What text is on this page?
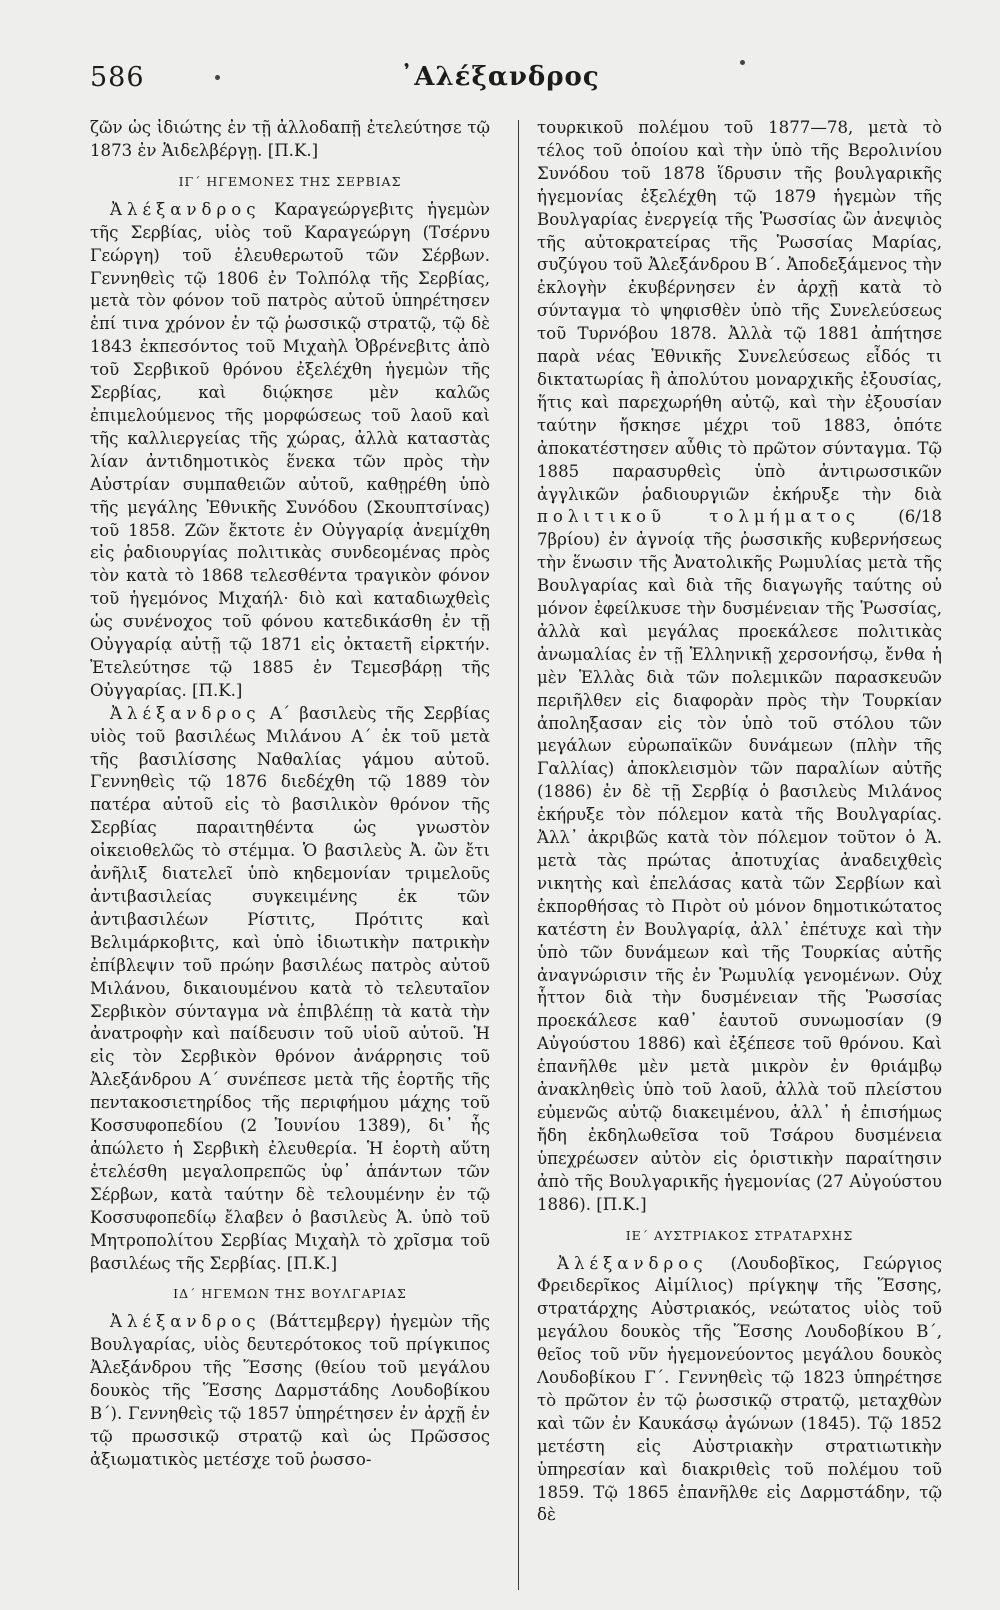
586	᾿Αλέξανδρος

ζῶν ὡς ἰδιώτης ἐν τῇ ἀλλοδαπῇ ἐτελεύτησε τῷ 1873 ἐν Ἁιδελβέργῃ. [Π.Κ.]

ΙΓ΄ ΗΓΕΜΟΝΕΣ ΤΗΣ ΣΕΡΒΙΑΣ

Ἀλέξανδρος Καραγεώργεβιτς ἡγεμὼν τῆς Σερβίας, υἱὸς τοῦ Καραγεώργη (Τσέρνυ Γεώργη) τοῦ ἐλευθερωτοῦ τῶν Σέρβων. Γεννηθεὶς τῷ 1806 ἐν Τολπόλᾳ τῆς Σερβίας, μετὰ τὸν φόνον τοῦ πατρὸς αὐτοῦ ὑπηρέτησεν ἐπί τινα χρόνον ἐν τῷ ῥωσσικῷ στρατῷ, τῷ δὲ 1843 ἐκπεσόντος τοῦ Μιχαὴλ Ὀβρένεβιτς ἀπὸ τοῦ Σερβικοῦ θρόνου ἐξελέχθη ἡγεμὼν τῆς Σερβίας, καὶ διῴκησε μὲν καλῶς ἐπιμελούμενος τῆς μορφώσεως τοῦ λαοῦ καὶ τῆς καλλιεργείας τῆς χώρας, ἀλλὰ καταστὰς λίαν ἀντιδημοτικὸς ἕνεκα τῶν πρὸς τὴν Αὐστρίαν συμπαθειῶν αὐτοῦ, καθῃρέθη ὑπὸ τῆς μεγάλης Ἐθνικῆς Συνόδου (Σκουπτσίνας) τοῦ 1858. Ζῶν ἔκτοτε ἐν Οὐγγαρίᾳ ἀνεμίχθη εἰς ῥαδιουργίας πολιτικὰς συνδεομένας πρὸς τὸν κατὰ τὸ 1868 τελεσθέντα τραγικὸν φόνον τοῦ ἡγεμόνος Μιχαήλ· διὸ καὶ καταδιωχθεὶς ὡς συνένοχος τοῦ φόνου κατεδικάσθη ἐν τῇ Οὐγγαρίᾳ αὐτῇ τῷ 1871 εἰς ὀκταετῆ εἱρκτήν. Ἐτελεύτησε τῷ 1885 ἐν Τεμεσβάρῃ τῆς Οὐγγαρίας. [Π.Κ.]

Ἀλέξανδρος Α΄ βασιλεὺς τῆς Σερβίας υἱὸς τοῦ βασιλέως Μιλάνου Α΄ ἐκ τοῦ μετὰ τῆς βασιλίσσης Ναθαλίας γάμου αὐτοῦ. Γεννηθεὶς τῷ 1876 διεδέχθη τῷ 1889 τὸν πατέρα αὐτοῦ εἰς τὸ βασιλικὸν θρόνον τῆς Σερβίας παραιτηθέντα ὡς γνωστὸν οἰκειοθελῶς τὸ στέμμα. Ὁ βασιλεὺς Ἀ. ὢν ἔτι ἀνῆλιξ διατελεῖ ὑπὸ κηδεμονίαν τριμελοῦς ἀντιβασιλείας συγκειμένης ἐκ τῶν ἀντιβασιλέων Ρίστιτς, Πρότιτς καὶ Βελιμάρκοβιτς, καὶ ὑπὸ ἰδιωτικὴν πατρικὴν ἐπίβλεψιν τοῦ πρώην βασιλέως πατρὸς αὐτοῦ Μιλάνου, δικαιουμένου κατὰ τὸ τελευταῖον Σερβικὸν σύνταγμα νὰ ἐπιβλέπῃ τὰ κατὰ τὴν ἀνατροφὴν καὶ παίδευσιν τοῦ υἱοῦ αὐτοῦ. Ἡ εἰς τὸν Σερβικὸν θρόνον ἀνάρρησις τοῦ Ἀλεξάνδρου Α΄ συνέπεσε μετὰ τῆς ἑορτῆς τῆς πεντακοσιετηρίδος τῆς περιφήμου μάχης τοῦ Κοσσυφοπεδίου (2 Ἰουνίου 1389), δι᾽ ἧς ἀπώλετο ἡ Σερβικὴ ἐλευθερία. Ἡ ἑορτὴ αὕτη ἐτελέσθη μεγαλοπρεπῶς ὑφ᾽ ἁπάντων τῶν Σέρβων, κατὰ ταύτην δὲ τελουμένην ἐν τῷ Κοσσυφοπεδίῳ ἔλαβεν ὁ βασιλεὺς Ἀ. ὑπὸ τοῦ Μητροπολίτου Σερβίας Μιχαὴλ τὸ χρῖσμα τοῦ βασιλέως τῆς Σερβίας. [Π.Κ.]

ΙΔ΄ ΗΓΕΜΩΝ ΤΗΣ ΒΟΥΛΓΑΡΙΑΣ

Ἀλέξανδρος (Βάττεμβεργ) ἡγεμὼν τῆς Βουλγαρίας, υἱὸς δευτερότοκος τοῦ πρίγκιπος Ἀλεξάνδρου τῆς Ἕσσης (θείου τοῦ μεγάλου δουκὸς τῆς Ἕσσης Δαρμστάδης Λουδοβίκου Β΄). Γεννηθεὶς τῷ 1857 ὑπηρέτησεν ἐν ἀρχῇ ἐν τῷ πρωσσικῷ στρατῷ καὶ ὡς Πρῶσσος ἀξιωματικὸς μετέσχε τοῦ ῥωσσο-

τουρκικοῦ πολέμου τοῦ 1877—78, μετὰ τὸ τέλος τοῦ ὁποίου καὶ τὴν ὑπὸ τῆς Βερολινίου Συνόδου τοῦ 1878 ἵδρυσιν τῆς βουλγαρικῆς ἡγεμονίας ἐξελέχθη τῷ 1879 ἡγεμὼν τῆς Βουλγαρίας ἐνεργείᾳ τῆς Ῥωσσίας ὢν ἀνεψιὸς τῆς αὐτοκρατείρας τῆς Ῥωσσίας Μαρίας, συζύγου τοῦ Ἀλεξάνδρου Β΄. Ἀποδεξάμενος τὴν ἐκλογὴν ἐκυβέρνησεν ἐν ἀρχῇ κατὰ τὸ σύνταγμα τὸ ψηφισθὲν ὑπὸ τῆς Συνελεύσεως τοῦ Τυρνόβου 1878. Ἀλλὰ τῷ 1881 ἀπήτησε παρὰ νέας Ἐθνικῆς Συνελεύσεως εἶδός τι δικτατωρίας ἢ ἀπολύτου μοναρχικῆς ἐξουσίας, ἥτις καὶ παρεχωρήθη αὐτῷ, καὶ τὴν ἐξουσίαν ταύτην ἤσκησε μέχρι τοῦ 1883, ὁπότε ἀποκατέστησεν αὖθις τὸ πρῶτον σύνταγμα. Τῷ 1885 παρασυρθεὶς ὑπὸ ἀντιρωσσικῶν ἀγγλικῶν ῥαδιουργιῶν ἐκήρυξε τὴν διὰ πολιτικοῦ τολμήματος (6/18 7βρίου) ἐν ἀγνοίᾳ τῆς ῥωσσικῆς κυβερνήσεως τὴν ἕνωσιν τῆς Ἀνατολικῆς Ρωμυλίας μετὰ τῆς Βουλγαρίας καὶ διὰ τῆς διαγωγῆς ταύτης οὐ μόνον ἐφείλκυσε τὴν δυσμένειαν τῆς Ῥωσσίας, ἀλλὰ καὶ μεγάλας προεκάλεσε πολιτικὰς ἀνωμαλίας ἐν τῇ Ἑλληνικῇ χερσονήσῳ, ἔνθα ἡ μὲν Ἑλλὰς διὰ τῶν πολεμικῶν παρασκευῶν περιῆλθεν εἰς διαφορὰν πρὸς τὴν Τουρκίαν ἀποληξασαν εἰς τὸν ὑπὸ τοῦ στόλου τῶν μεγάλων εὐρωπαϊκῶν δυνάμεων (πλὴν τῆς Γαλλίας) ἀποκλεισμὸν τῶν παραλίων αὐτῆς (1886) ἐν δὲ τῇ Σερβίᾳ ὁ βασιλεὺς Μιλάνος ἐκήρυξε τὸν πόλεμον κατὰ τῆς Βουλγαρίας. Ἀλλ᾽ ἀκριβῶς κατὰ τὸν πόλεμον τοῦτον ὁ Ἀ. μετὰ τὰς πρώτας ἀποτυχίας ἀναδειχθεὶς νικητὴς καὶ ἐπελάσας κατὰ τῶν Σερβίων καὶ ἐκπορθήσας τὸ Πιρὸτ οὐ μόνον δημοτικώτατος κατέστη ἐν Βουλγαρίᾳ, ἀλλ᾽ ἐπέτυχε καὶ τὴν ὑπὸ τῶν δυνάμεων καὶ τῆς Τουρκίας αὐτῆς ἀναγνώρισιν τῆς ἐν Ῥωμυλίᾳ γενομένων. Οὐχ ἧττον διὰ τὴν δυσμένειαν τῆς Ῥωσσίας προεκάλεσε καθ᾽ ἑαυτοῦ συνωμοσίαν (9 Αὐγούστου 1886) καὶ ἐξέπεσε τοῦ θρόνου. Καὶ ἐπανῆλθε μὲν μετὰ μικρὸν ἐν θριάμβῳ ἀνακληθεὶς ὑπὸ τοῦ λαοῦ, ἀλλὰ τοῦ πλείστου εὐμενῶς αὐτῷ διακειμένου, ἀλλ᾽ ἡ ἐπισήμως ἤδη ἐκδηλωθεῖσα τοῦ Τσάρου δυσμένεια ὑπεχρέωσεν αὐτὸν εἰς ὁριστικὴν παραίτησιν ἀπὸ τῆς Βουλγαρικῆς ἡγεμονίας (27 Αὐγούστου 1886). [Π.Κ.]

ΙΕ΄ ΑΥΣΤΡΙΑΚΟΣ ΣΤΡΑΤΑΡΧΗΣ

Ἀλέξανδρος (Λουδοβῖκος, Γεώργιος Φρειδερῖκος Αἰμίλιος) πρίγκηψ τῆς Ἕσσης, στρατάρχης Αὐστριακός, νεώτατος υἱὸς τοῦ μεγάλου δουκὸς τῆς Ἕσσης Λουδοβίκου Β΄, θεῖος τοῦ νῦν ἡγεμονεύοντος μεγάλου δουκὸς Λουδοβίκου Γ΄. Γεννηθεὶς τῷ 1823 ὑπηρέτησε τὸ πρῶτον ἐν τῷ ῥωσσικῷ στρατῷ, μεταχθὼν καὶ τῶν ἐν Καυκάσῳ ἀγώνων (1845). Τῷ 1852 μετέστη εἰς Αὐστριακὴν στρατιωτικὴν ὑπηρεσίαν καὶ διακριθεὶς τοῦ πολέμου τοῦ 1859. Τῷ 1865 ἐπανῆλθε εἰς Δαρμστάδην, τῷ δὲ
